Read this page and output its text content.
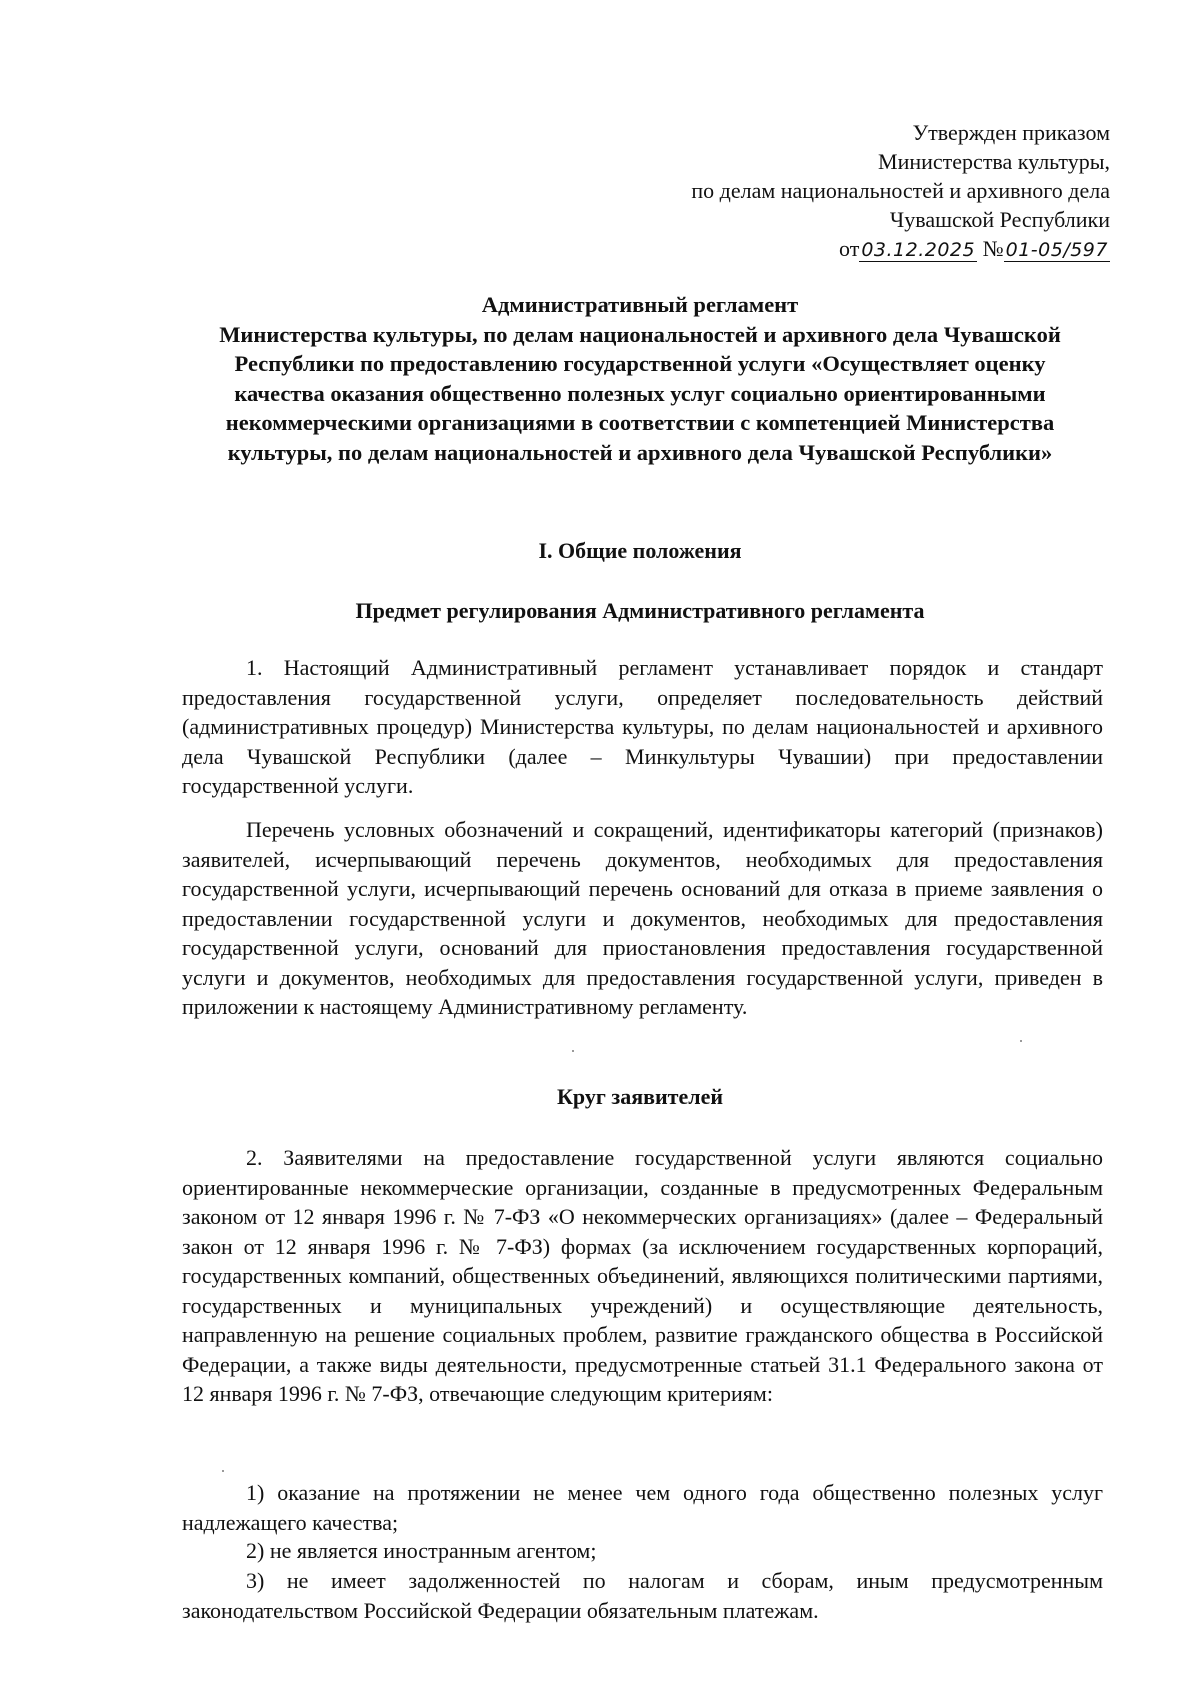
Утвержден приказом
Министерства культуры,
по делам национальностей и архивного дела
Чувашской Республики
от 03.12.2025 № 01-05/597
Административный регламент
Министерства культуры, по делам национальностей и архивного дела Чувашской
Республики по предоставлению государственной услуги «Осуществляет оценку
качества оказания общественно полезных услуг социально ориентированными
некоммерческими организациями в соответствии с компетенцией Министерства
культуры, по делам национальностей и архивного дела Чувашской Республики»
I. Общие положения
Предмет регулирования Административного регламента
1. Настоящий Административный регламент устанавливает порядок и стандарт предоставления государственной услуги, определяет последовательность действий (административных процедур) Министерства культуры, по делам национальностей и архивного дела Чувашской Республики (далее – Минкультуры Чувашии) при предоставлении государственной услуги.
Перечень условных обозначений и сокращений, идентификаторы категорий (признаков) заявителей, исчерпывающий перечень документов, необходимых для предоставления государственной услуги, исчерпывающий перечень оснований для отказа в приеме заявления о предоставлении государственной услуги и документов, необходимых для предоставления государственной услуги, оснований для приостановления предоставления государственной услуги и документов, необходимых для предоставления государственной услуги, приведен в приложении к настоящему Административному регламенту.
Круг заявителей
2. Заявителями на предоставление государственной услуги являются социально ориентированные некоммерческие организации, созданные в предусмотренных Федеральным законом от 12 января 1996 г. № 7-ФЗ «О некоммерческих организациях» (далее – Федеральный закон от 12 января 1996 г. № 7-ФЗ) формах (за исключением государственных корпораций, государственных компаний, общественных объединений, являющихся политическими партиями, государственных и муниципальных учреждений) и осуществляющие деятельность, направленную на решение социальных проблем, развитие гражданского общества в Российской Федерации, а также виды деятельности, предусмотренные статьей 31.1 Федерального закона от 12 января 1996 г. № 7-ФЗ, отвечающие следующим критериям:
1) оказание на протяжении не менее чем одного года общественно полезных услуг надлежащего качества;
2) не является иностранным агентом;
3) не имеет задолженностей по налогам и сборам, иным предусмотренным законодательством Российской Федерации обязательным платежам.
